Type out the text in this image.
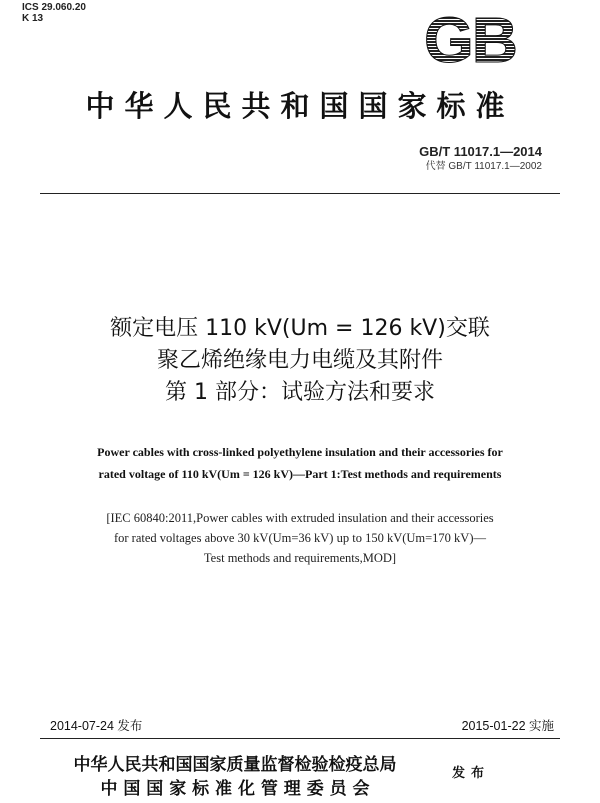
ICS 29.060.20
K 13	GB
中华人民共和国国家标准
GB/T 11017.1—2014
代替 GB/T 11017.1—2002
额定电压 110 kV(Um = 126 kV)交联
聚乙烯绝缘电力电缆及其附件
第 1 部分：试验方法和要求
Power cables with cross-linked polyethylene insulation and their accessories for
rated voltage of 110 kV(Um = 126 kV)—Part 1:Test methods and requirements
[IEC 60840:2011,Power cables with extruded insulation and their accessories
for rated voltages above 30 kV(Um=36 kV) up to 150 kV(Um=170 kV)—
Test methods and requirements,MOD]
2014-07-24 发布	2015-01-22 实施
中华人民共和国国家质量监督检验检疫总局
中 国 国 家 标 准 化 管 理 委 员 会
发布
